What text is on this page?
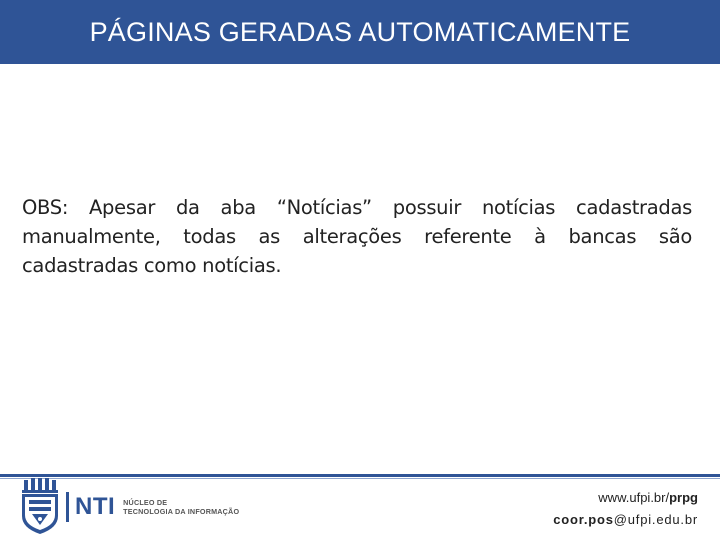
PÁGINAS GERADAS AUTOMATICAMENTE
OBS: Apesar da aba “Notícias” possuir notícias cadastradas manualmente, todas as alterações referente à bancas são cadastradas como notícias.
NTI NÚCLEO DE
TECNOLOGIA DA INFORMAÇÃO
www.ufpi.br/prpg
coor.pos@ufpi.edu.br
